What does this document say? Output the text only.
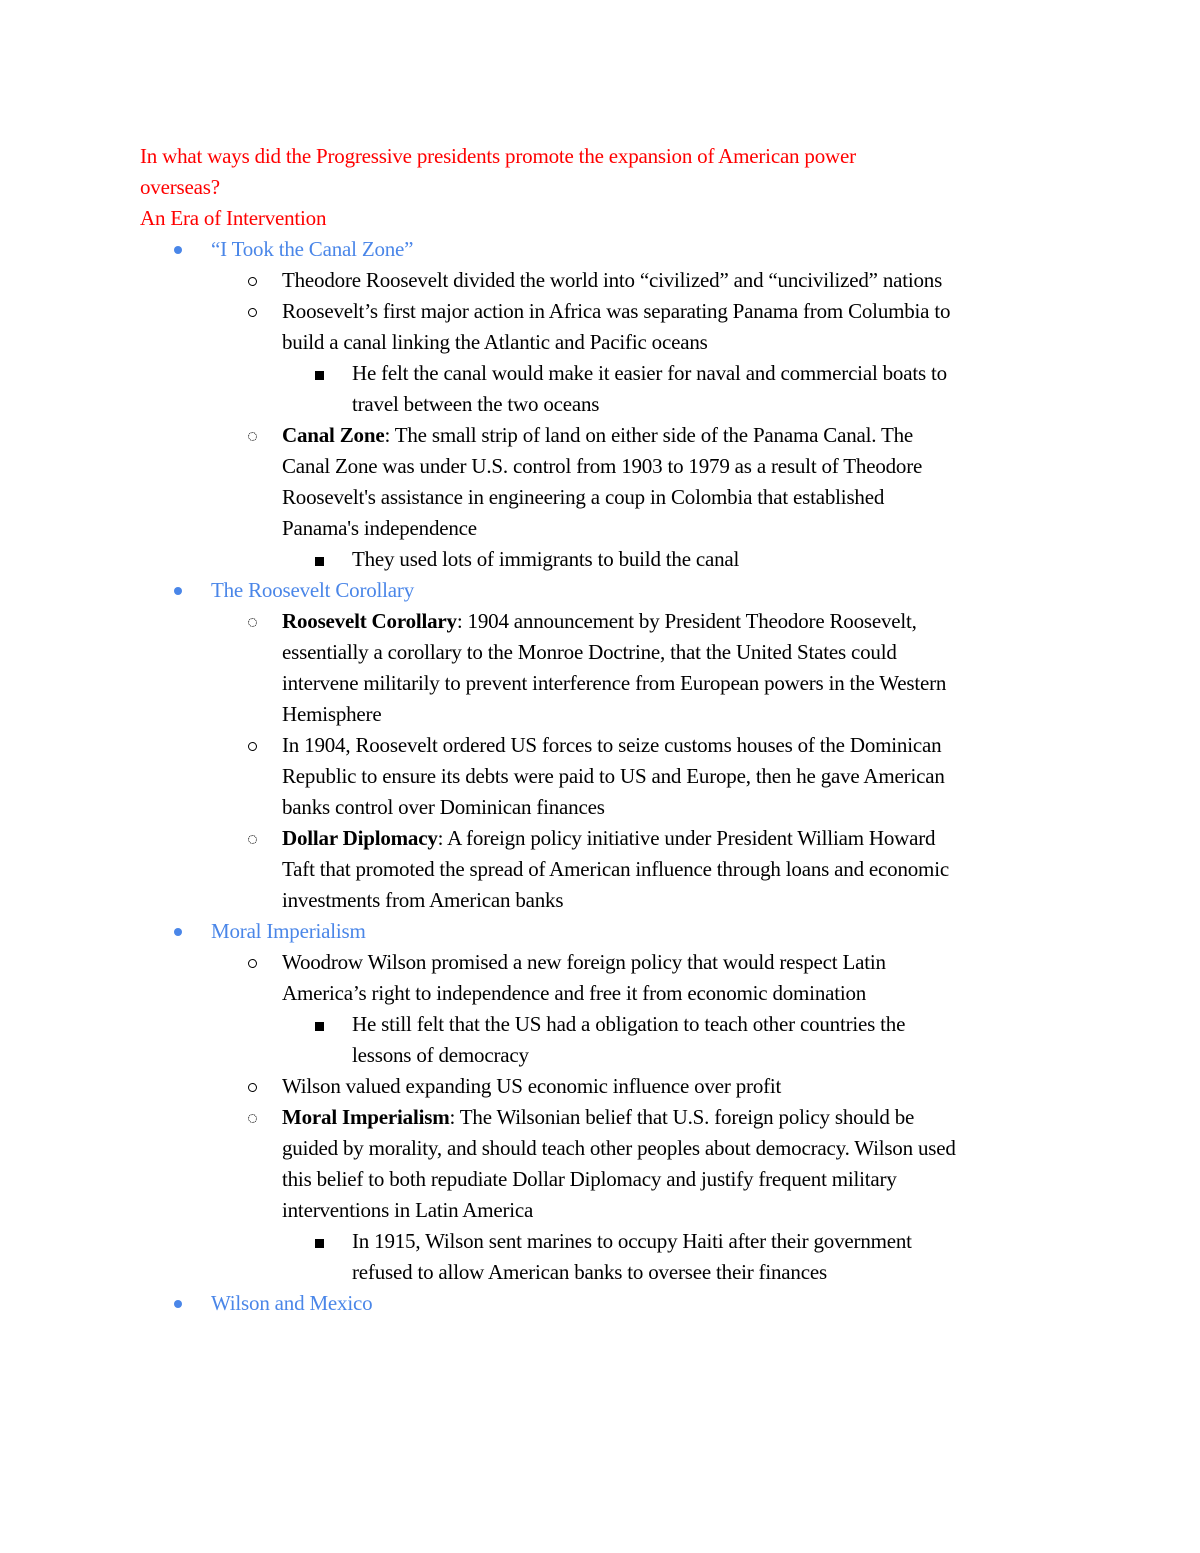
In what ways did the Progressive presidents promote the expansion of American power
overseas?
An Era of Intervention
“I Took the Canal Zone”
Theodore Roosevelt divided the world into “civilized” and “uncivilized” nations
Roosevelt’s first major action in Africa was separating Panama from Columbia to
build a canal linking the Atlantic and Pacific oceans
He felt the canal would make it easier for naval and commercial boats to
travel between the two oceans
Canal Zone: The small strip of land on either side of the Panama Canal. The
Canal Zone was under U.S. control from 1903 to 1979 as a result of Theodore
Roosevelt's assistance in engineering a coup in Colombia that established
Panama's independence
They used lots of immigrants to build the canal
The Roosevelt Corollary
Roosevelt Corollary: 1904 announcement by President Theodore Roosevelt,
essentially a corollary to the Monroe Doctrine, that the United States could
intervene militarily to prevent interference from European powers in the Western
Hemisphere
In 1904, Roosevelt ordered US forces to seize customs houses of the Dominican
Republic to ensure its debts were paid to US and Europe, then he gave American
banks control over Dominican finances
Dollar Diplomacy: A foreign policy initiative under President William Howard
Taft that promoted the spread of American influence through loans and economic
investments from American banks
Moral Imperialism
Woodrow Wilson promised a new foreign policy that would respect Latin
America’s right to independence and free it from economic domination
He still felt that the US had a obligation to teach other countries the
lessons of democracy
Wilson valued expanding US economic influence over profit
Moral Imperialism: The Wilsonian belief that U.S. foreign policy should be
guided by morality, and should teach other peoples about democracy. Wilson used
this belief to both repudiate Dollar Diplomacy and justify frequent military
interventions in Latin America
In 1915, Wilson sent marines to occupy Haiti after their government
refused to allow American banks to oversee their finances
Wilson and Mexico
